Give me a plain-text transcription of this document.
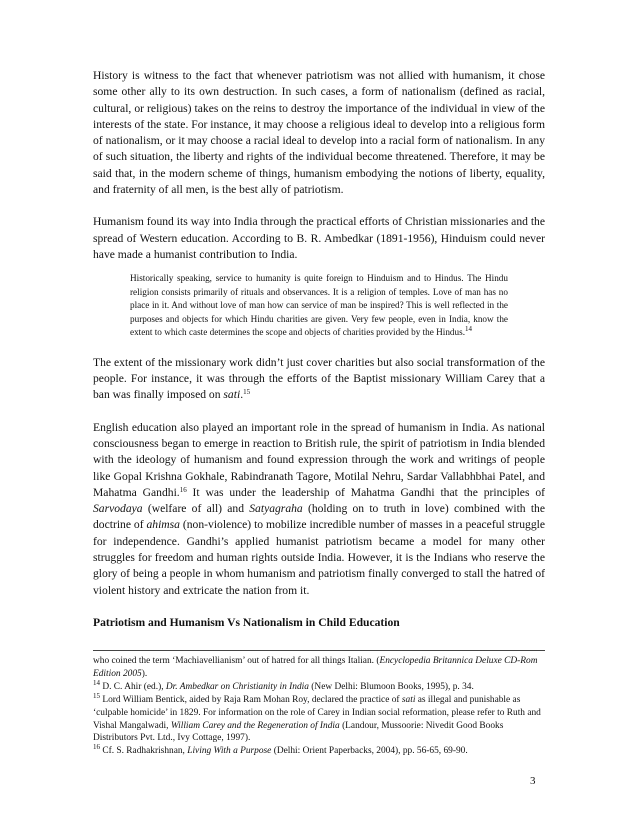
History is witness to the fact that whenever patriotism was not allied with humanism, it chose some other ally to its own destruction. In such cases, a form of nationalism (defined as racial, cultural, or religious) takes on the reins to destroy the importance of the individual in view of the interests of the state. For instance, it may choose a religious ideal to develop into a religious form of nationalism, or it may choose a racial ideal to develop into a racial form of nationalism. In any of such situation, the liberty and rights of the individual become threatened. Therefore, it may be said that, in the modern scheme of things, humanism embodying the notions of liberty, equality, and fraternity of all men, is the best ally of patriotism.

Humanism found its way into India through the practical efforts of Christian missionaries and the spread of Western education. According to B. R. Ambedkar (1891-1956), Hinduism could never have made a humanist contribution to India.

Historically speaking, service to humanity is quite foreign to Hinduism and to Hindus. The Hindu religion consists primarily of rituals and observances. It is a religion of temples. Love of man has no place in it. And without love of man how can service of man be inspired? This is well reflected in the purposes and objects for which Hindu charities are given. Very few people, even in India, know the extent to which caste determines the scope and objects of charities provided by the Hindus.$^{14}$

The extent of the missionary work didn’t just cover charities but also social transformation of the people. For instance, it was through the efforts of the Baptist missionary William Carey that a ban was finally imposed on sati.$^{15}$

English education also played an important role in the spread of humanism in India. As national consciousness began to emerge in reaction to British rule, the spirit of patriotism in India blended with the ideology of humanism and found expression through the work and writings of people like Gopal Krishna Gokhale, Rabindranath Tagore, Motilal Nehru, Sardar Vallabhbhai Patel, and Mahatma Gandhi.$^{16}$ It was under the leadership of Mahatma Gandhi that the principles of Sarvodaya (welfare of all) and Satyagraha (holding on to truth in love) combined with the doctrine of ahimsa (non-violence) to mobilize incredible number of masses in a peaceful struggle for independence. Gandhi’s applied humanist patriotism became a model for many other struggles for freedom and human rights outside India. However, it is the Indians who reserve the glory of being a people in whom humanism and patriotism finally converged to stall the hatred of violent history and extricate the nation from it.

Patriotism and Humanism Vs Nationalism in Child Education
who coined the term ‘Machiavellianism’ out of hatred for all things Italian. (Encyclopedia Britannica Deluxe CD-Rom Edition 2005).
$^{14}$ D. C. Ahir (ed.), Dr. Ambedkar on Christianity in India (New Delhi: Blumoon Books, 1995), p. 34.
$^{15}$ Lord William Bentick, aided by Raja Ram Mohan Roy, declared the practice of sati as illegal and punishable as ‘culpable homicide’ in 1829. For information on the role of Carey in Indian social reformation, please refer to Ruth and Vishal Mangalwadi, William Carey and the Regeneration of India (Landour, Mussoorie: Nivedit Good Books Distributors Pvt. Ltd., Ivy Cottage, 1997).
$^{16}$ Cf. S. Radhakrishnan, Living With a Purpose (Delhi: Orient Paperbacks, 2004), pp. 56-65, 69-90.
3
